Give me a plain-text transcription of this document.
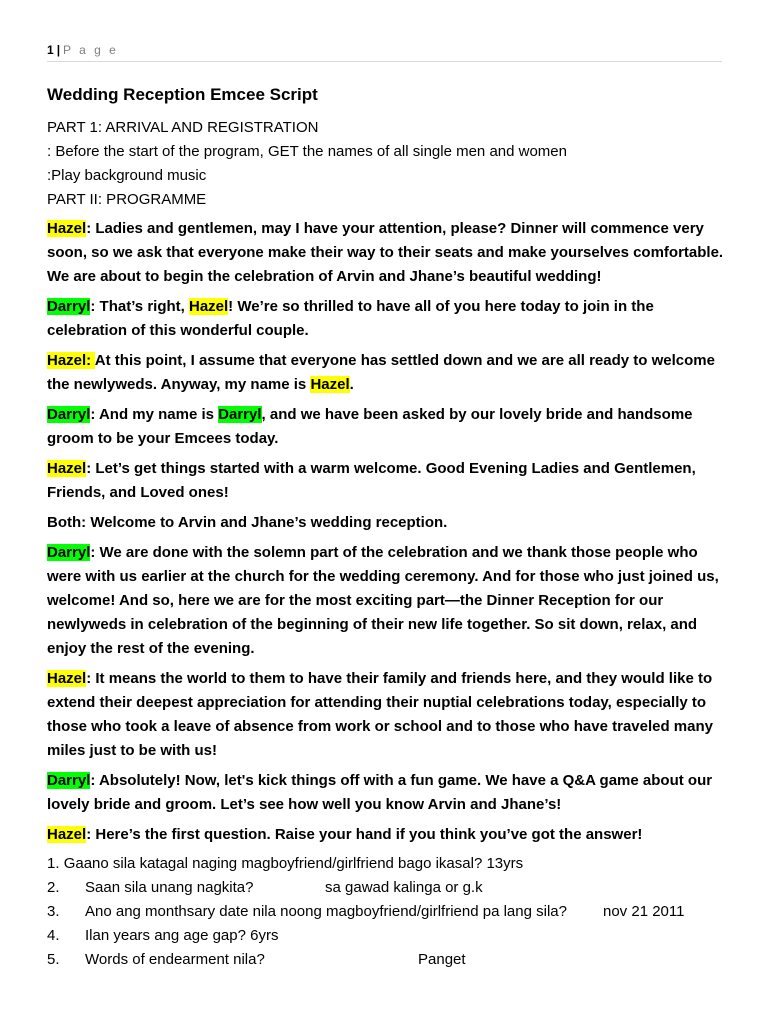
1 | P a g e
Wedding Reception Emcee Script

PART 1: ARRIVAL AND REGISTRATION

: Before the start of the program, GET the names of all single men and women

:Play background music

PART II: PROGRAMME

Hazel: Ladies and gentlemen, may I have your attention, please? Dinner will commence very soon, so we ask that everyone make their way to their seats and make yourselves comfortable. We are about to begin the celebration of Arvin and Jhane’s beautiful wedding!

Darryl: That’s right, Hazel! We’re so thrilled to have all of you here today to join in the celebration of this wonderful couple.

Hazel: At this point, I assume that everyone has settled down and we are all ready to welcome the newlyweds. Anyway, my name is Hazel.

Darryl: And my name is Darryl, and we have been asked by our lovely bride and handsome groom to be your Emcees today.

Hazel: Let’s get things started with a warm welcome. Good Evening Ladies and Gentlemen, Friends, and Loved ones!

Both: Welcome to Arvin and Jhane’s wedding reception.

Darryl: We are done with the solemn part of the celebration and we thank those people who were with us earlier at the church for the wedding ceremony. And for those who just joined us, welcome! And so, here we are for the most exciting part—the Dinner Reception for our newlyweds in celebration of the beginning of their new life together. So sit down, relax, and enjoy the rest of the evening.

Hazel: It means the world to them to have their family and friends here, and they would like to extend their deepest appreciation for attending their nuptial celebrations today, especially to those who took a leave of absence from work or school and to those who have traveled many miles just to be with us!

Darryl: Absolutely! Now, let's kick things off with a fun game. We have a Q&A game about our lovely bride and groom. Let’s see how well you know Arvin and Jhane’s!

Hazel: Here’s the first question. Raise your hand if you think you’ve got the answer!

1. Gaano sila katagal naging magboyfriend/girlfriend bago ikasal? 13yrs
2. Saan sila unang nagkita?	sa gawad kalinga or g.k
3. Ano ang monthsary date nila noong magboyfriend/girlfriend pa lang sila? nov 21 2011
4. Ilan years ang age gap? 6yrs
5. Words of endearment nila?	Panget
